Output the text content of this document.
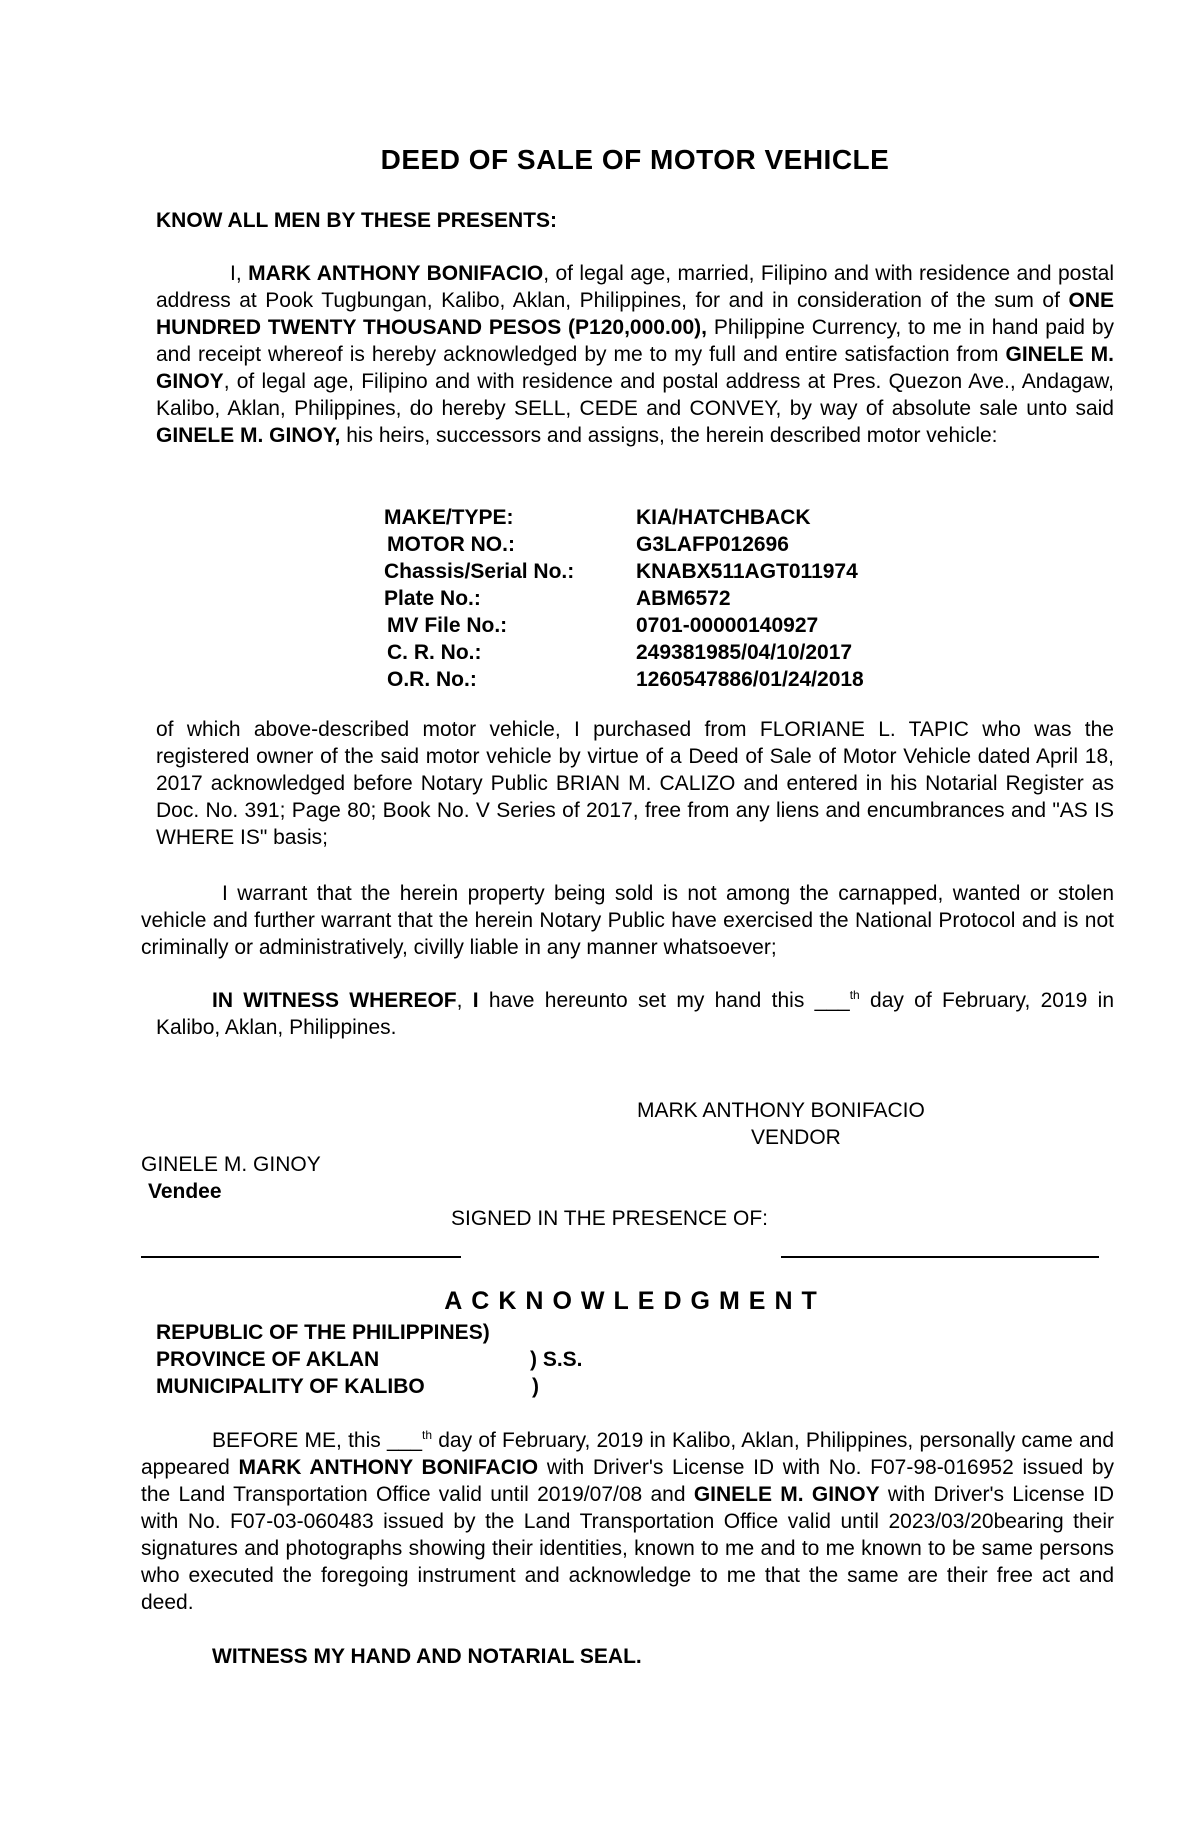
DEED OF SALE OF MOTOR VEHICLE
KNOW ALL MEN BY THESE PRESENTS:
I, MARK ANTHONY BONIFACIO, of legal age, married, Filipino and with residence and postal address at Pook Tugbungan, Kalibo, Aklan, Philippines, for and in consideration of the sum of ONE HUNDRED TWENTY THOUSAND PESOS (P120,000.00), Philippine Currency, to me in hand paid by and receipt whereof is hereby acknowledged by me to my full and entire satisfaction from GINELE M. GINOY, of legal age, Filipino and with residence and postal address at Pres. Quezon Ave., Andagaw, Kalibo, Aklan, Philippines, do hereby SELL, CEDE and CONVEY, by way of absolute sale unto said GINELE M. GINOY, his heirs, successors and assigns, the herein described motor vehicle:
MAKE/TYPE:	KIA/HATCHBACK
MOTOR NO.:	G3LAFP012696
Chassis/Serial No.:	KNABX511AGT011974
Plate No.:	ABM6572
MV File No.:	0701-00000140927
C. R. No.:	249381985/04/10/2017
O.R. No.:	1260547886/01/24/2018
of which above-described motor vehicle, I purchased from FLORIANE L. TAPIC who was the registered owner of the said motor vehicle by virtue of a Deed of Sale of Motor Vehicle dated April 18, 2017 acknowledged before Notary Public BRIAN M. CALIZO and entered in his Notarial Register as Doc. No. 391; Page 80; Book No. V Series of 2017, free from any liens and encumbrances and "AS IS WHERE IS" basis;
I warrant that the herein property being sold is not among the carnapped, wanted or stolen vehicle and further warrant that the herein Notary Public have exercised the National Protocol and is not criminally or administratively, civilly liable in any manner whatsoever;
IN WITNESS WHEREOF, I have hereunto set my hand this ___$^{th}$ day of February, 2019 in Kalibo, Aklan, Philippines.
MARK ANTHONY BONIFACIO
VENDOR
GINELE M. GINOY
Vendee
SIGNED IN THE PRESENCE OF:
ACKNOWLEDGMENT
REPUBLIC OF THE PHILIPPINES)
PROVINCE OF AKLAN	) S.S.
MUNICIPALITY OF KALIBO	)
BEFORE ME, this ___$^{th}$ day of February, 2019 in Kalibo, Aklan, Philippines, personally came and appeared MARK ANTHONY BONIFACIO with Driver's License ID with No. F07-98-016952 issued by the Land Transportation Office valid until 2019/07/08 and GINELE M. GINOY with Driver's License ID with No. F07-03-060483 issued by the Land Transportation Office valid until 2023/03/20bearing their signatures and photographs showing their identities, known to me and to me known to be same persons who executed the foregoing instrument and acknowledge to me that the same are their free act and deed.
WITNESS MY HAND AND NOTARIAL SEAL.
